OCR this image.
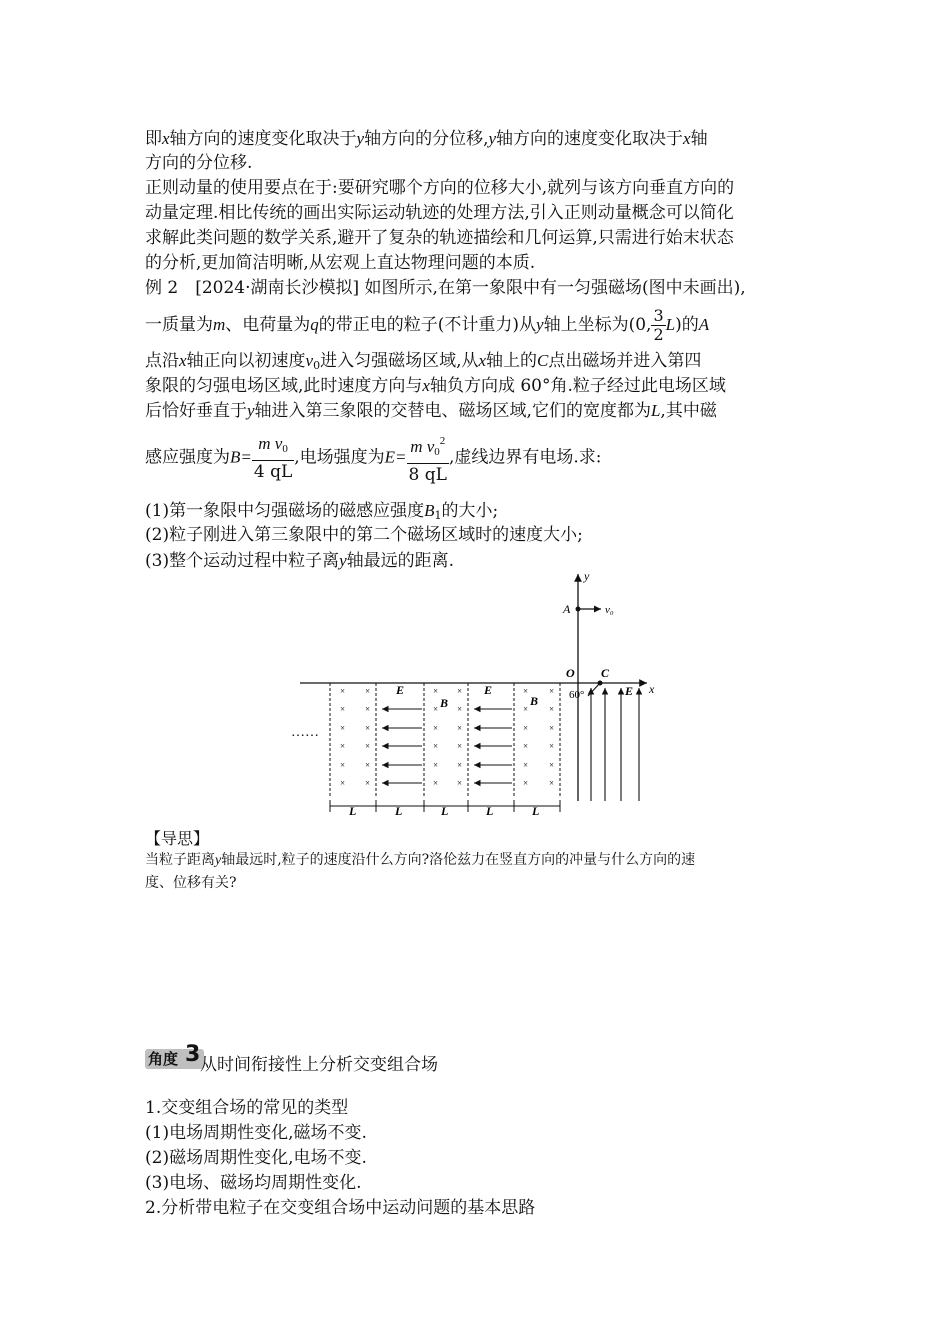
即x轴方向的速度变化取决于y轴方向的分位移,y轴方向的速度变化取决于x轴
方向的分位移.
正则动量的使用要点在于:要研究哪个方向的位移大小,就列与该方向垂直方向的
动量定理.相比传统的画出实际运动轨迹的处理方法,引入正则动量概念可以简化
求解此类问题的数学关系,避开了复杂的轨迹描绘和几何运算,只需进行始末状态
的分析,更加简洁明晰,从宏观上直达物理问题的本质.
例 2　[2024·湖南长沙模拟] 如图所示,在第一象限中有一匀强磁场(图中未画出),
一质量为m、电荷量为q的带正电的粒子(不计重力)从y轴上坐标为(0, $\frac{3}{2} L$)的A
点沿x轴正向以初速度$v_0$进入匀强磁场区域,从x轴上的C点出磁场并进入第四
象限的匀强电场区域,此时速度方向与x轴负方向成 60°角.粒子经过此电场区域
后恰好垂直于y轴进入第三象限的交替电、磁场区域,它们的宽度都为L,其中磁
感应强度为$B= \frac{m v_0}{4 qL}$ ,电场强度为$E= \frac{m v_0^2}{8 qL}$ ,虚线边界有电场.求:
(1)第一象限中匀强磁场的磁感应强度$B_1$的大小;
(2)粒子刚进入第三象限中的第二个磁场区域时的速度大小;
(3)整个运动过程中粒子离y轴最远的距离.
y
x
A	v₀
O C
60°	E
×
×
×
×
×
×
×
×
×
×
×
×
×
×
×
×
×
×
×
×
×
×
×
×
×
×
×
×
×
×
×
×
×
×
×
×
E	E
B	B
……
L	L	L	L	L
【导思】
当粒子距离y轴最远时,粒子的速度沿什么方向?洛伦兹力在竖直方向的冲量与什么方向的速
度、位移有关?
角度 3 从时间衔接性上分析交变组合场
1.交变组合场的常见的类型
(1)电场周期性变化,磁场不变.
(2)磁场周期性变化,电场不变.
(3)电场、磁场均周期性变化.
2.分析带电粒子在交变组合场中运动问题的基本思路
